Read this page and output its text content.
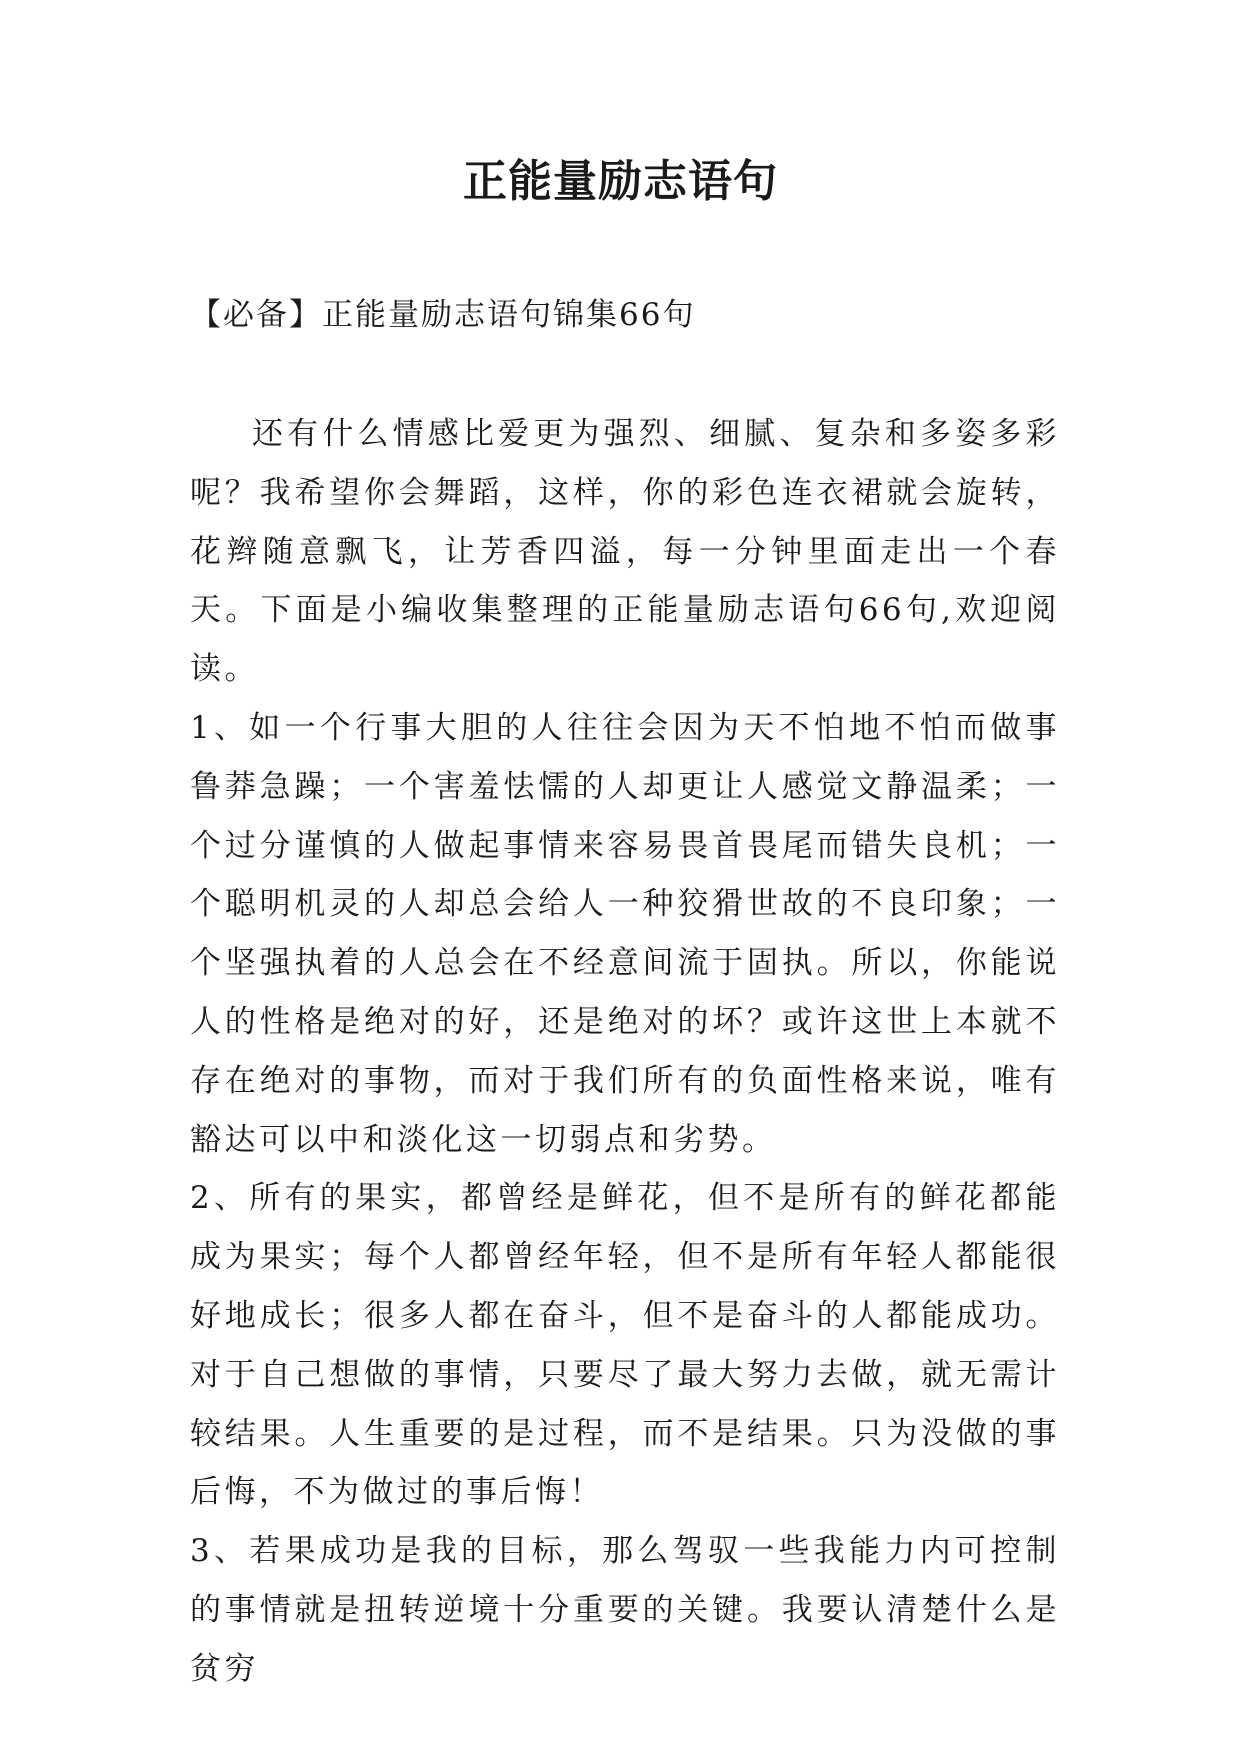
正能量励志语句

【必备】正能量励志语句锦集66句

还有什么情感比爱更为强烈、细腻、复杂和多姿多彩呢？我希望你会舞蹈，这样，你的彩色连衣裙就会旋转，花辫随意飘飞，让芳香四溢，每一分钟里面走出一个春天。下面是小编收集整理的正能量励志语句66句,欢迎阅读。

1、如一个行事大胆的人往往会因为天不怕地不怕而做事鲁莽急躁；一个害羞怯懦的人却更让人感觉文静温柔；一个过分谨慎的人做起事情来容易畏首畏尾而错失良机；一个聪明机灵的人却总会给人一种狡猾世故的不良印象；一个坚强执着的人总会在不经意间流于固执。所以，你能说人的性格是绝对的好，还是绝对的坏？或许这世上本就不存在绝对的事物，而对于我们所有的负面性格来说，唯有豁达可以中和淡化这一切弱点和劣势。

2、所有的果实，都曾经是鲜花，但不是所有的鲜花都能成为果实；每个人都曾经年轻，但不是所有年轻人都能很好地成长；很多人都在奋斗，但不是奋斗的人都能成功。对于自己想做的事情，只要尽了最大努力去做，就无需计较结果。人生重要的是过程，而不是结果。只为没做的事后悔，不为做过的事后悔！

3、若果成功是我的目标，那么驾驭一些我能力内可控制的事情就是扭转逆境十分重要的关键。我要认清楚什么是贫穷
